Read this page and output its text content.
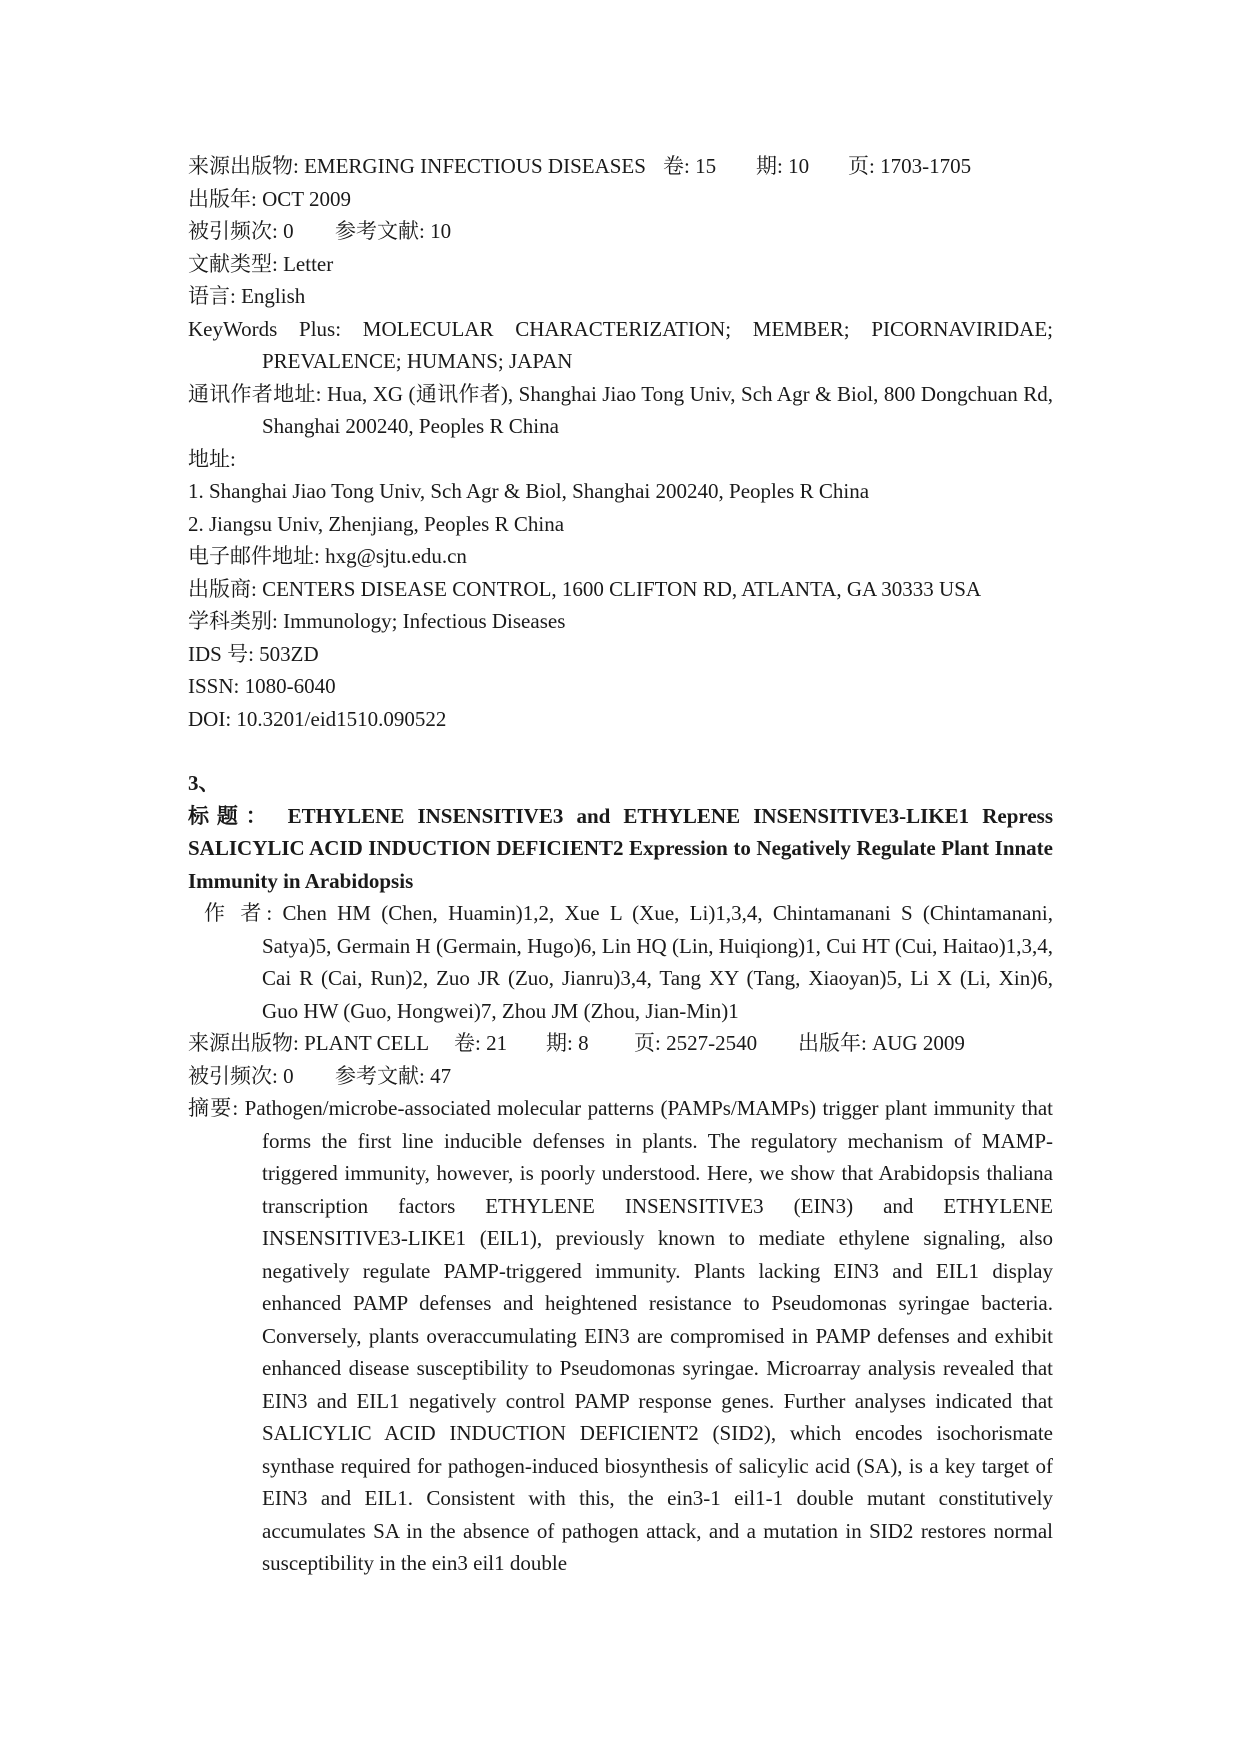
来源出版物: EMERGING INFECTIOUS DISEASES 卷: 15	期: 10	页: 1703-1705
出版年: OCT 2009
被引频次: 0	参考文献: 10
文献类型: Letter
语言: English
KeyWords Plus: MOLECULAR CHARACTERIZATION; MEMBER; PICORNAVIRIDAE; PREVALENCE; HUMANS; JAPAN
通讯作者地址: Hua, XG (通讯作者), Shanghai Jiao Tong Univ, Sch Agr & Biol, 800 Dongchuan Rd, Shanghai 200240, Peoples R China
地址:
1. Shanghai Jiao Tong Univ, Sch Agr & Biol, Shanghai 200240, Peoples R China
2. Jiangsu Univ, Zhenjiang, Peoples R China
电子邮件地址: hxg@sjtu.edu.cn
出版商: CENTERS DISEASE CONTROL, 1600 CLIFTON RD, ATLANTA, GA 30333 USA
学科类别: Immunology; Infectious Diseases
IDS 号: 503ZD
ISSN: 1080-6040
DOI: 10.3201/eid1510.090522
3、
标题： ETHYLENE INSENSITIVE3 and ETHYLENE INSENSITIVE3-LIKE1 Repress SALICYLIC ACID INDUCTION DEFICIENT2 Expression to Negatively Regulate Plant Innate Immunity in Arabidopsis
作 者: Chen HM (Chen, Huamin)1,2, Xue L (Xue, Li)1,3,4, Chintamanani S (Chintamanani, Satya)5, Germain H (Germain, Hugo)6, Lin HQ (Lin, Huiqiong)1, Cui HT (Cui, Haitao)1,3,4, Cai R (Cai, Run)2, Zuo JR (Zuo, Jianru)3,4, Tang XY (Tang, Xiaoyan)5, Li X (Li, Xin)6, Guo HW (Guo, Hongwei)7, Zhou JM (Zhou, Jian-Min)1
来源出版物: PLANT CELL	卷: 21	期: 8	页: 2527-2540	出版年: AUG 2009
被引频次: 0	参考文献: 47
摘要: Pathogen/microbe-associated molecular patterns (PAMPs/MAMPs) trigger plant immunity that forms the first line inducible defenses in plants. The regulatory mechanism of MAMP-triggered immunity, however, is poorly understood. Here, we show that Arabidopsis thaliana transcription factors ETHYLENE INSENSITIVE3 (EIN3) and ETHYLENE INSENSITIVE3-LIKE1 (EIL1), previously known to mediate ethylene signaling, also negatively regulate PAMP-triggered immunity. Plants lacking EIN3 and EIL1 display enhanced PAMP defenses and heightened resistance to Pseudomonas syringae bacteria. Conversely, plants overaccumulating EIN3 are compromised in PAMP defenses and exhibit enhanced disease susceptibility to Pseudomonas syringae. Microarray analysis revealed that EIN3 and EIL1 negatively control PAMP response genes. Further analyses indicated that SALICYLIC ACID INDUCTION DEFICIENT2 (SID2), which encodes isochorismate synthase required for pathogen-induced biosynthesis of salicylic acid (SA), is a key target of EIN3 and EIL1. Consistent with this, the ein3-1 eil1-1 double mutant constitutively accumulates SA in the absence of pathogen attack, and a mutation in SID2 restores normal susceptibility in the ein3 eil1 double
